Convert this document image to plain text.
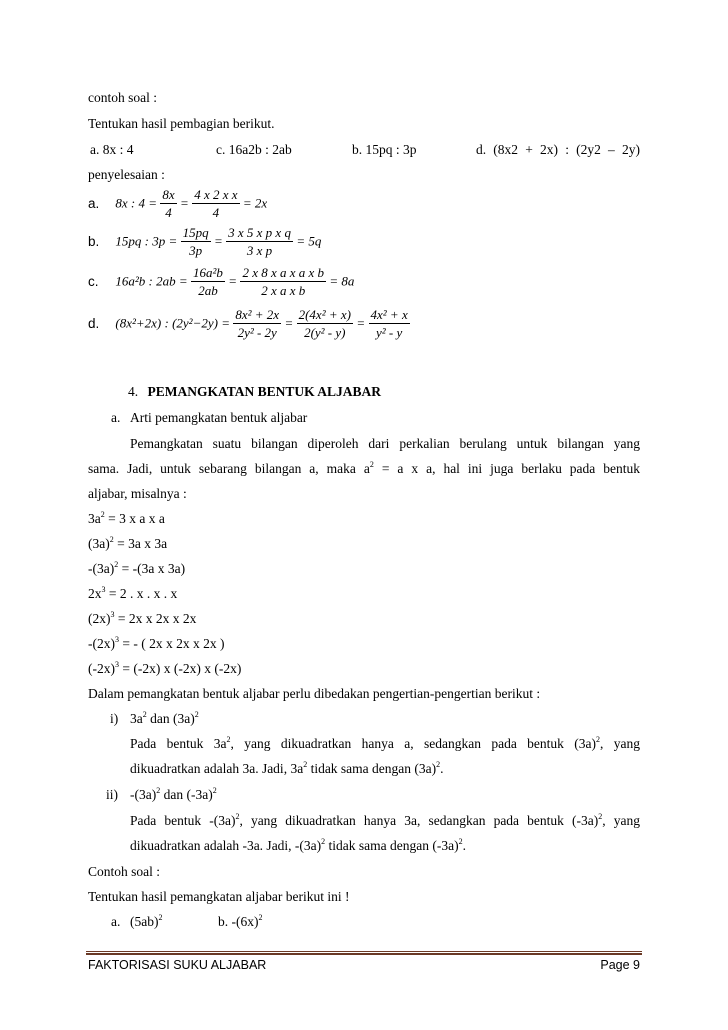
contoh soal :
Tentukan hasil pembagian berikut.
a. 8x : 4	c. 16a2b : 2ab	b. 15pq : 3p	d. (8x2 + 2x) : (2y2 – 2y)
penyelesaian :
a. 8x : $4 = \frac{8x}{4} = \frac{\text{4 x 2 x x}}{4} = 2x$
b. 15pq : $3p = \frac{15pq}{3p} = \frac{\text{3 x 5 x p x q}}{\text{3 x p}} = 5q$
c. 16a²b : $2ab = \frac{\text{16a²b}}{2ab} = \frac{\text{2 x 8 x a x a x b}}{\text{2 x a x b}} = 8a$
d. (8x²+2x) : $(2y^2-2y) = \frac{\text{8x² + 2x}}{\text{2y² - 2y}} = \frac{\text{2(4x² + x)}}{\text{2(y² - y)}} = \frac{\text{4x² + x}}{\text{y² - y}}$
4. PEMANGKATAN BENTUK ALJABAR
a. Arti pemangkatan bentuk aljabar
Pemangkatan suatu bilangan diperoleh dari perkalian berulang untuk bilangan yang
sama. Jadi, untuk sebarang bilangan a, maka $a^2 = a$ x a, hal ini juga berlaku pada bentuk
aljabar, misalnya :
$3a^2 = 3$ x a x a
$(3a)^2 = 3a$ x 3a
$-(3a)^2 = -(3a$ x 3a)
$2x^3 = 2$ . x . x . x
$(2x)^3 = 2x$ x 2x x 2x
$-(2x)^3$ = - ( 2x x 2x x 2x )
$(-2x)^3 = (-2x)$ x (-2x) x (-2x)
Dalam pemangkatan bentuk aljabar perlu dibedakan pengertian-pengertian berikut :
i) $3a^2$ dan $(3a)^2$
Pada bentuk $3a^2$, yang dikuadratkan hanya a, sedangkan pada bentuk $(3a)^2$, yang
dikuadratkan adalah 3a. Jadi, $3a^2$ tidak sama dengan $(3a)^2$.
ii) $-(3a)^2$ dan $(-3a)^2$
Pada bentuk $-(3a)^2$, yang dikuadratkan hanya 3a, sedangkan pada bentuk $(-3a)^2$, yang
dikuadratkan adalah -3a. Jadi, $-(3a)^2$ tidak sama dengan $(-3a)^2$.
Contoh soal :
Tentukan hasil pemangkatan aljabar berikut ini !
a. $(5ab)^2$	b. $-(6x)^2$
FAKTORISASI SUKU ALJABAR	Page 9
